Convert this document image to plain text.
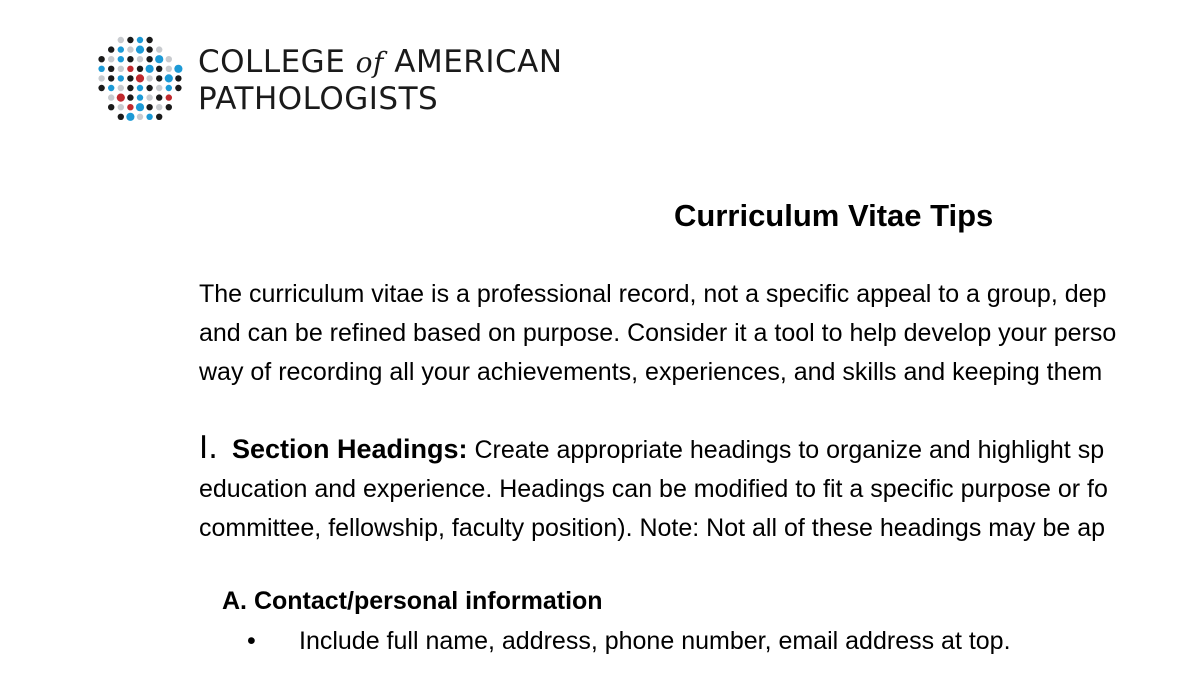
COLLEGE of AMERICAN
PATHOLOGISTS
Curriculum Vitae Tips
The curriculum vitae is a professional record, not a specific appeal to a group, dep
and can be refined based on purpose. Consider it a tool to help develop your perso
way of recording all your achievements, experiences, and skills and keeping them
I. Section Headings: Create appropriate headings to organize and highlight sp
education and experience. Headings can be modified to fit a specific purpose or fo
committee, fellowship, faculty position). Note: Not all of these headings may be ap
A. Contact/personal information
• Include full name, address, phone number, email address at top.
